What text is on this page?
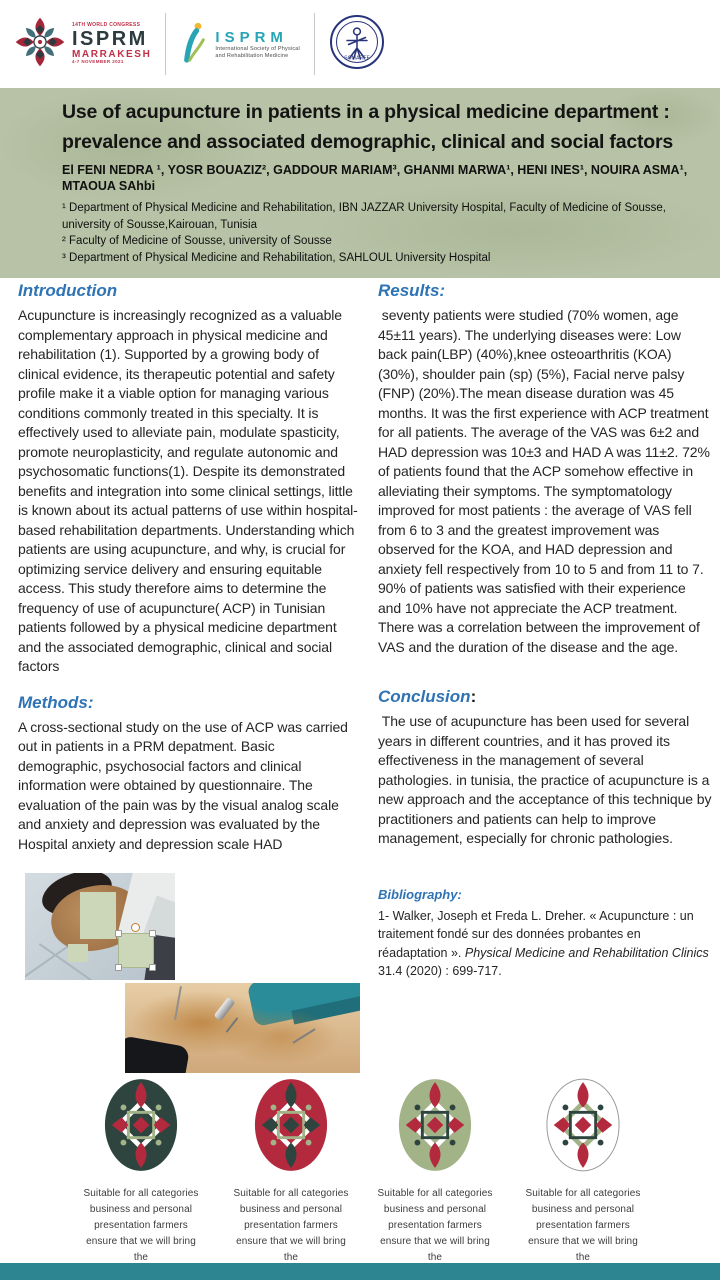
14TH WORLD CONGRESS
ISPRM
MARRAKESH
4-7 NOVEMBER 2021
ISPRM
International Society of Physical
and Rehabilitation Medicine	SOMAREF
Use of acupuncture in patients in a physical medicine department :
prevalence and associated demographic, clinical and social factors
El FENI NEDRA ¹, YOSR BOUAZIZ², GADDOUR MARIAM³, GHANMI MARWA¹, HENI INES¹, NOUIRA ASMA¹,
MTAOUA SAhbi
¹ Department of Physical Medicine and Rehabilitation, IBN JAZZAR University Hospital, Faculty of Medicine of Sousse, university of Sousse,Kairouan, Tunisia
² Faculty of Medicine of Sousse, university of Sousse
³ Department of Physical Medicine and Rehabilitation, SAHLOUL University Hospital
Introduction

Acupuncture is increasingly recognized as a valuable complementary approach in physical medicine and rehabilitation (1). Supported by a growing body of clinical evidence, its therapeutic potential and safety profile make it a viable option for managing various conditions commonly treated in this specialty. It is effectively used to alleviate pain, modulate spasticity, promote neuroplasticity, and regulate autonomic and psychosomatic functions(1). Despite its demonstrated benefits and integration into some clinical settings, little is known about its actual patterns of use within hospital-based rehabilitation departments. Understanding which patients are using acupuncture, and why, is crucial for optimizing service delivery and ensuring equitable access. This study therefore aims to determine the frequency of use of acupuncture( ACP) in Tunisian patients followed by a physical medicine department and the associated demographic, clinical and social factors

Methods:

A cross-sectional study on the use of ACP was carried out in patients in a PRM depatment. Basic demographic, psychosocial factors and clinical information were obtained by questionnaire. The evaluation of the pain was by the visual analog scale and anxiety and depression was evaluated by the Hospital anxiety and depression scale HAD

Results:

seventy patients were studied (70% women, age 45±11 years). The underlying diseases were: Low back pain(LBP) (40%),knee osteoarthritis (KOA) (30%), shoulder pain (sp) (5%), Facial nerve palsy (FNP) (20%).The mean disease duration was 45 months. It was the first experience with ACP treatment for all patients. The average of the VAS was 6±2 and HAD depression was 10±3 and HAD A was 11±2. 72% of patients found that the ACP somehow effective in alleviating their symptoms. The symptomatology improved for most patients : the average of VAS fell from 6 to 3 and the greatest improvement was observed for the KOA, and HAD depression and anxiety fell respectively from 10 to 5 and from 11 to 7. 90% of patients was satisfied with their experience and 10% have not appreciate the ACP treatment. There was a correlation between the improvement of VAS and the duration of the disease and the age.

Conclusion:

The use of acupuncture has been used for several years in different countries, and it has proved its effectiveness in the management of several pathologies. in tunisia, the practice of acupuncture is a new approach and the acceptance of this technique by practitioners and patients can help to improve management, especially for chronic pathologies.

Bibliography:

1- Walker, Joseph et Freda L. Dreher. « Acupuncture : un traitement fondé sur des données probantes en réadaptation ». Physical Medicine and Rehabilitation Clinics 31.4 (2020) : 699-717.

Suitable for all categories
business and personal
presentation farmers
ensure that we will bring
the
Suitable for all categories
business and personal
presentation farmers
ensure that we will bring
the
Suitable for all categories
business and personal
presentation farmers
ensure that we will bring
the
Suitable for all categories
business and personal
presentation farmers
ensure that we will bring
the
